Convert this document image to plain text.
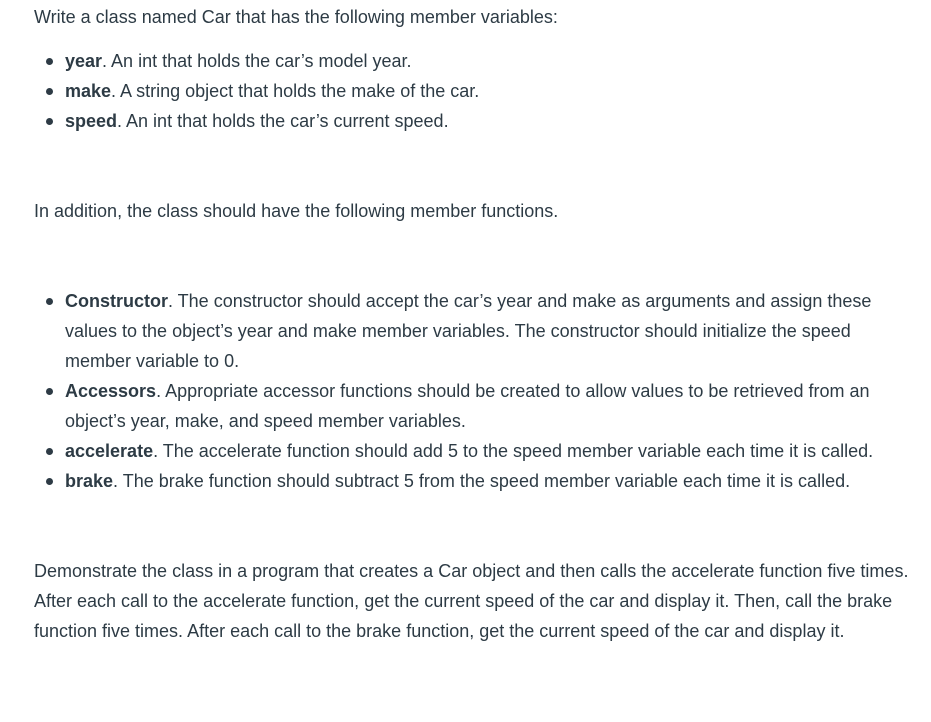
Write a class named Car that has the following member variables:

year. An int that holds the car’s model year.
make. A string object that holds the make of the car.
speed. An int that holds the car’s current speed.

In addition, the class should have the following member functions.

Constructor. The constructor should accept the car’s year and make as arguments and assign these values to the object’s year and make member variables. The constructor should initialize the speed member variable to 0.
Accessors. Appropriate accessor functions should be created to allow values to be retrieved from an object’s year, make, and speed member variables.
accelerate. The accelerate function should add 5 to the speed member variable each time it is called.
brake. The brake function should subtract 5 from the speed member variable each time it is called.

Demonstrate the class in a program that creates a Car object and then calls the accelerate function five times. After each call to the accelerate function, get the current speed of the car and display it. Then, call the brake function five times. After each call to the brake function, get the current speed of the car and display it.
